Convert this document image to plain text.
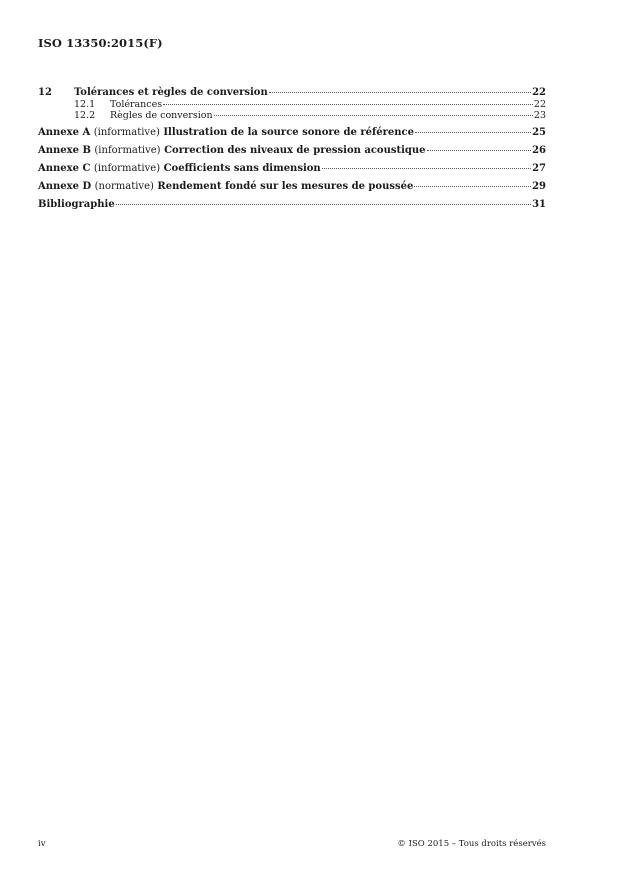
ISO 13350:2015(F)
12	Tolérances et règles de conversion	22
12.1	Tolérances	22
12.2	Règles de conversion	23
Annexe A (informative) Illustration de la source sonore de référence	25
Annexe B (informative) Correction des niveaux de pression acoustique	26
Annexe C (informative) Coefficients sans dimension	27
Annexe D (normative) Rendement fondé sur les mesures de poussée	29
Bibliographie	31
iv	© ISO 2015 – Tous droits réservés
